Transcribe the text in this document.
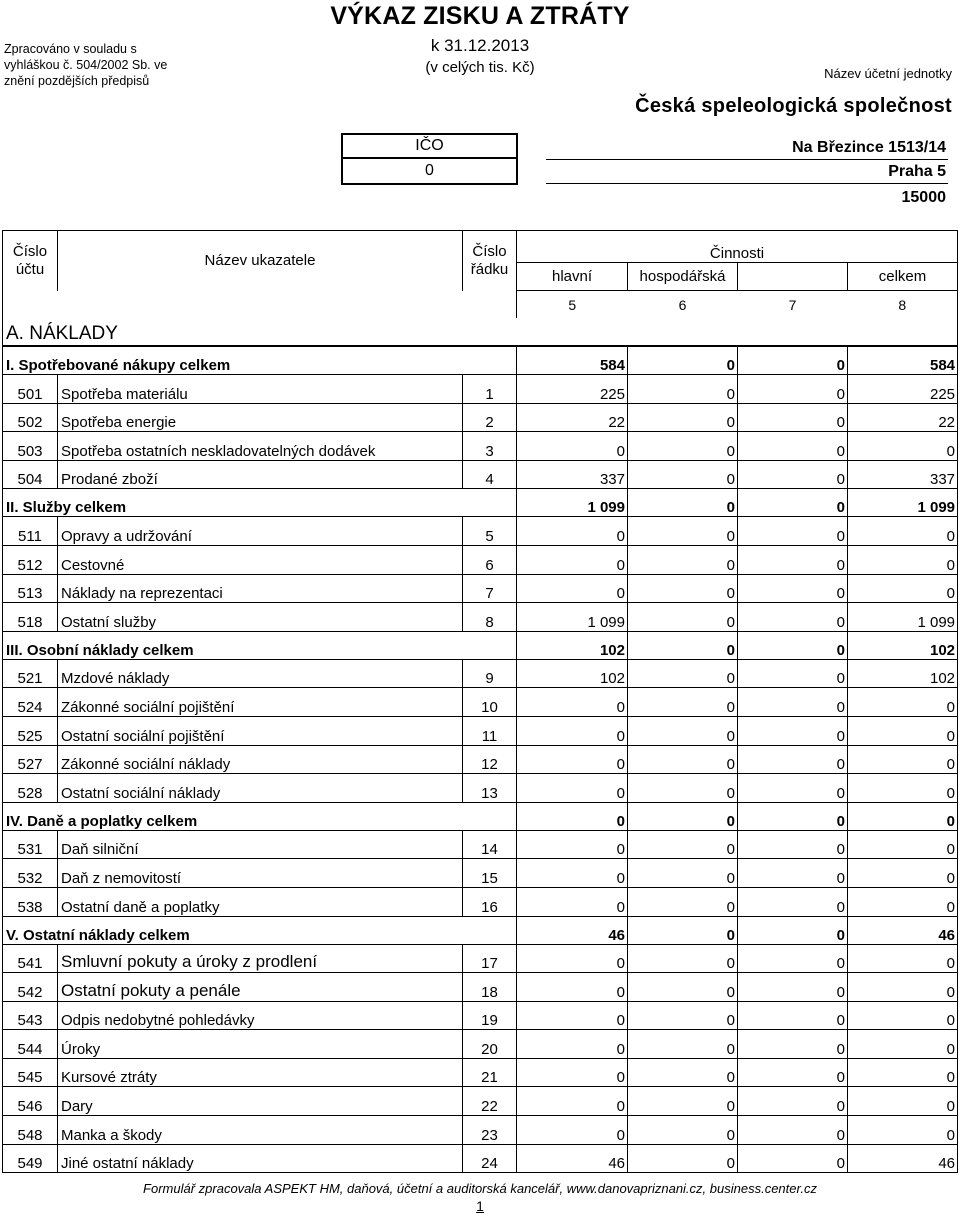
Zpracováno v souladu s
vyhláškou č. 504/2002 Sb. ve
znění pozdějších předpisů
VÝKAZ ZISKU A ZTRÁTY
k 31.12.2013
(v celých tis. Kč)	Název účetní jednotky
Česká speleologická společnost
IČO
0
Na Březince 1513/14
Praha 5
15000
Číslo účtu	Název ukazatele	Číslo řádku	Činnosti			
			hlavní	hospodářská		celkem
			5	6	7	8
A. NÁKLADY						
I. Spotřebované nákupy celkem			584	0	0	584
501	Spotřeba materiálu	1	225	0	0	225
502	Spotřeba energie	2	22	0	0	22
503	Spotřeba ostatních neskladovatelných dodávek	3	0	0	0	0
504	Prodané zboží	4	337	0	0	337
II. Služby celkem			1 099	0	0	1 099
511	Opravy a udržování	5	0	0	0	0
512	Cestovné	6	0	0	0	0
513	Náklady na reprezentaci	7	0	0	0	0
518	Ostatní služby	8	1 099	0	0	1 099
III. Osobní náklady celkem			102	0	0	102
521	Mzdové náklady	9	102	0	0	102
524	Zákonné sociální pojištění	10	0	0	0	0
525	Ostatní sociální pojištění	11	0	0	0	0
527	Zákonné sociální náklady	12	0	0	0	0
528	Ostatní sociální náklady	13	0	0	0	0
IV. Daně a poplatky celkem			0	0	0	0
531	Daň silniční	14	0	0	0	0
532	Daň z nemovitostí	15	0	0	0	0
538	Ostatní daně a poplatky	16	0	0	0	0
V. Ostatní náklady celkem			46	0	0	46
541	Smluvní pokuty a úroky z prodlení	17	0	0	0	0
542	Ostatní pokuty a penále	18	0	0	0	0
543	Odpis nedobytné pohledávky	19	0	0	0	0
544	Úroky	20	0	0	0	0
545	Kursové ztráty	21	0	0	0	0
546	Dary	22	0	0	0	0
548	Manka a škody	23	0	0	0	0
549	Jiné ostatní náklady	24	46	0	0	46
Formulář zpracovala ASPEKT HM, daňová, účetní a auditorská kancelář, www.danovapriznani.cz, business.center.cz
1
